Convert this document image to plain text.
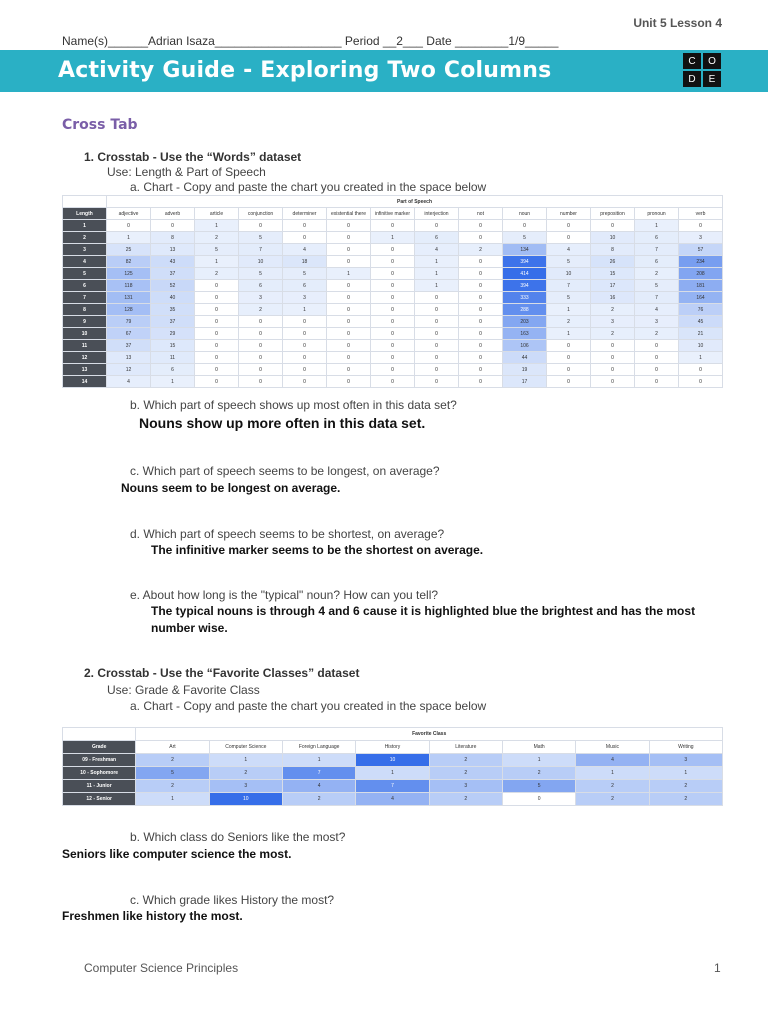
Unit 5 Lesson 4
Name(s)______Adrian Isaza___________________ Period __2___ Date ________1/9_____
Activity Guide - Exploring Two Columns	C	O
D	E
Cross Tab
1. Crosstab - Use the “Words” dataset
Use: Length & Part of Speech
a. Chart - Copy and paste the chart you created in the space below
	Part of Speech													
Length	adjective	adverb	article	conjunction	determiner	existential there	infinitive marker	interjection	not	noun	number	preposition	pronoun	verb
1	0	0	1	0	0	0	0	0	0	0	0	0	1	0
2	1	8	2	5	0	0	1	6	0	5	0	10	6	3
3	25	13	5	7	4	0	0	4	2	134	4	8	7	57
4	82	43	1	10	18	0	0	1	0	394	5	26	6	234
5	125	37	2	5	5	1	0	1	0	414	10	15	2	208
6	118	52	0	6	6	0	0	1	0	394	7	17	5	181
7	131	40	0	3	3	0	0	0	0	333	5	16	7	164
8	128	35	0	2	1	0	0	0	0	288	1	2	4	76
9	79	37	0	0	0	0	0	0	0	203	2	3	3	45
10	67	29	0	0	0	0	0	0	0	163	1	2	2	21
11	37	15	0	0	0	0	0	0	0	106	0	0	0	10
12	13	11	0	0	0	0	0	0	0	44	0	0	0	1
13	12	6	0	0	0	0	0	0	0	19	0	0	0	0
14	4	1	0	0	0	0	0	0	0	17	0	0	0	0
b. Which part of speech shows up most often in this data set?
Nouns show up more often in this data set.
c. Which part of speech seems to be longest, on average?
Nouns seem to be longest on average.
d. Which part of speech seems to be shortest, on average?
The infinitive marker seems to be the shortest on average.
e. About how long is the "typical" noun? How can you tell?
The typical nouns is through 4 and 6 cause it is highlighted blue the brightest and has the most
number wise.
2. Crosstab - Use the “Favorite Classes” dataset
Use: Grade & Favorite Class
a. Chart - Copy and paste the chart you created in the space below
	Favorite Class							
Grade	Art	Computer Science	Foreign Language	History	Literature	Math	Music	Writing
09 - Freshman	2	1	1	10	2	1	4	3
10 - Sophomore	5	2	7	1	2	2	1	1
11 - Junior	2	3	4	7	3	5	2	2
12 - Senior	1	10	2	4	2	0	2	2
b. Which class do Seniors like the most?
Seniors like computer science the most.
c. Which grade likes History the most?
Freshmen like history the most.
Computer Science Principles	1
